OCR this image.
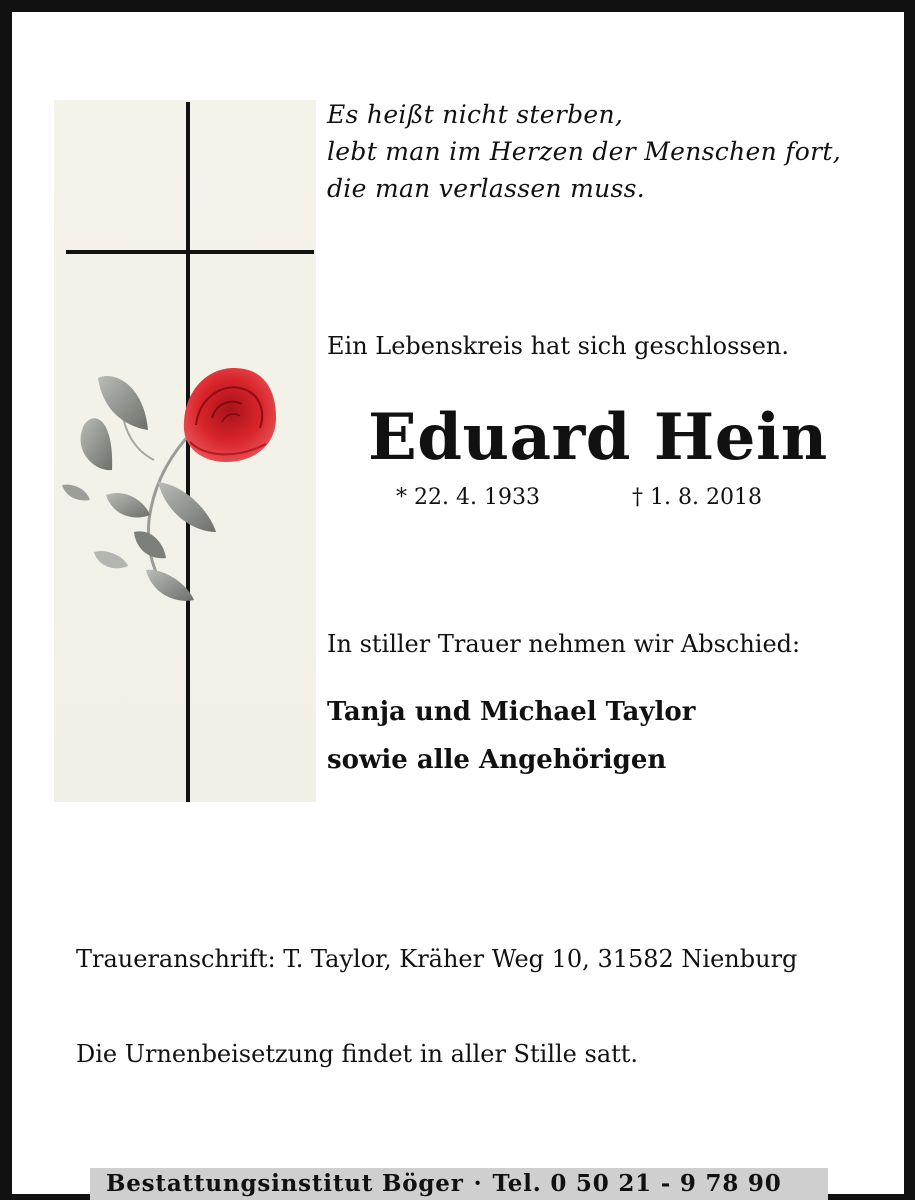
Es heißt nicht sterben,
lebt man im Herzen der Menschen fort,
die man verlassen muss.
Ein Lebenskreis hat sich geschlossen.
Eduard Hein
* 22. 4. 1933	† 1. 8. 2018
In stiller Trauer nehmen wir Abschied:
Tanja und Michael Taylor
sowie alle Angehörigen
Traueranschrift: T. Taylor, Kräher Weg 10, 31582 Nienburg
Die Urnenbeisetzung findet in aller Stille satt.
Bestattungsinstitut Böger · Tel. 0 50 21 - 9 78 90
